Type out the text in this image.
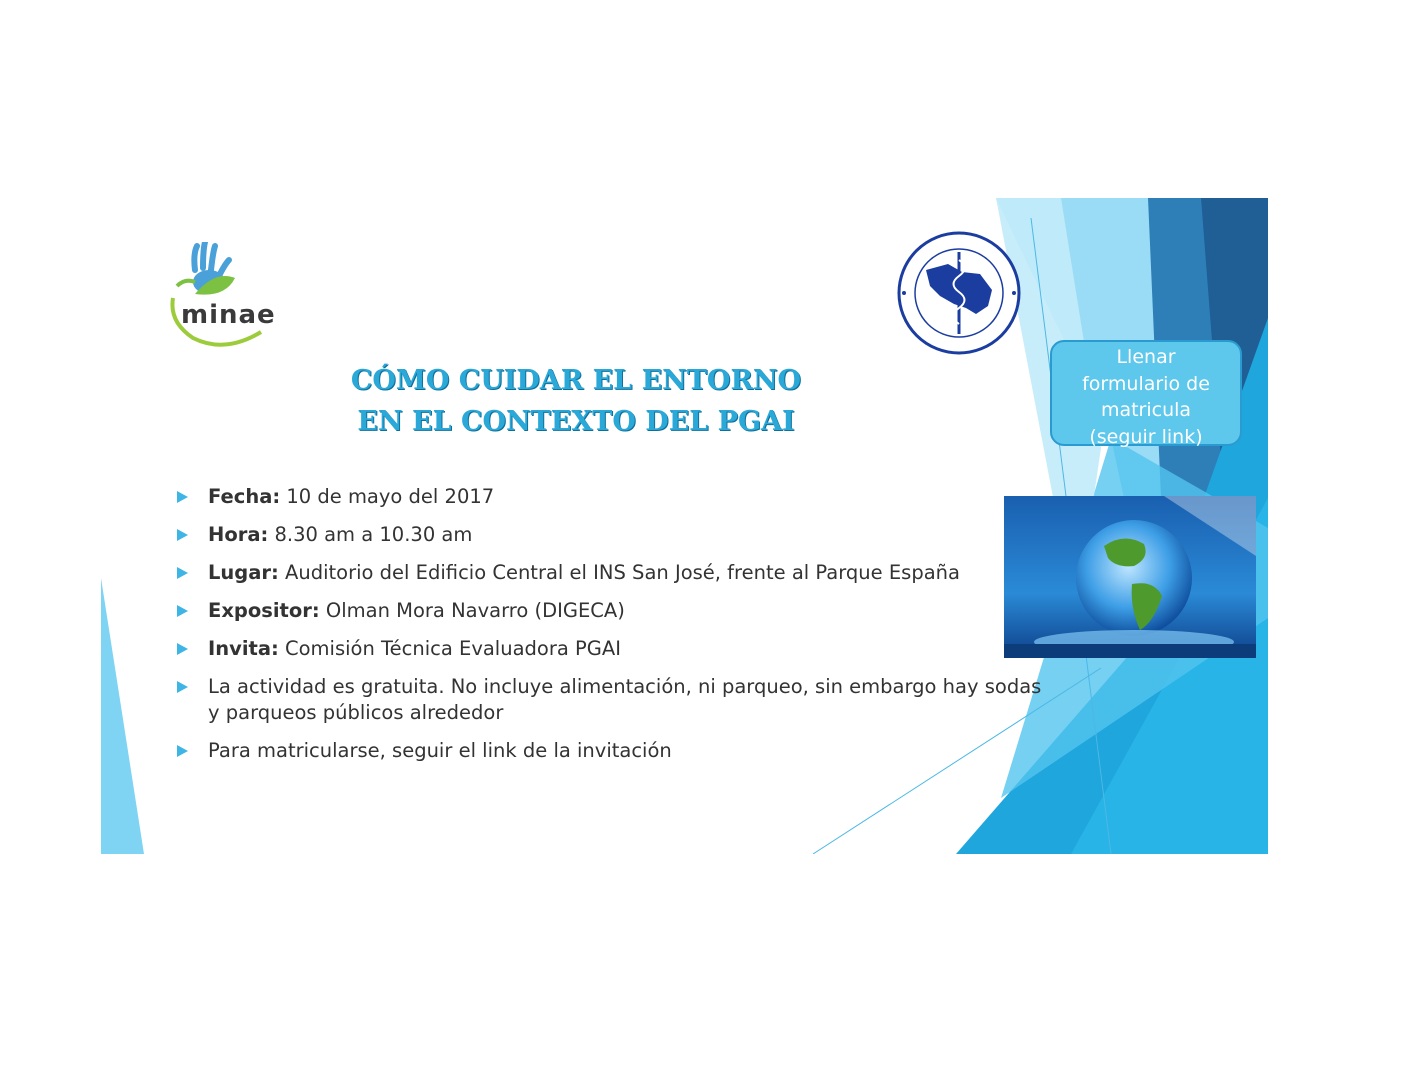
minae
CÓMO CUIDAR EL ENTORNO
EN EL CONTEXTO DEL PGAI
Llenar
formulario de
matricula
(seguir link)
Fecha: 10 de mayo del 2017
Hora: 8.30 am a 10.30 am
Lugar: Auditorio del Edificio Central el INS San José, frente al Parque España
Expositor: Olman Mora Navarro (DIGECA)
Invita: Comisión Técnica Evaluadora PGAI
La actividad es gratuita. No incluye alimentación, ni parqueo, sin embargo hay sodas
y parqueos públicos alrededor
Para matricularse, seguir el link de la invitación
